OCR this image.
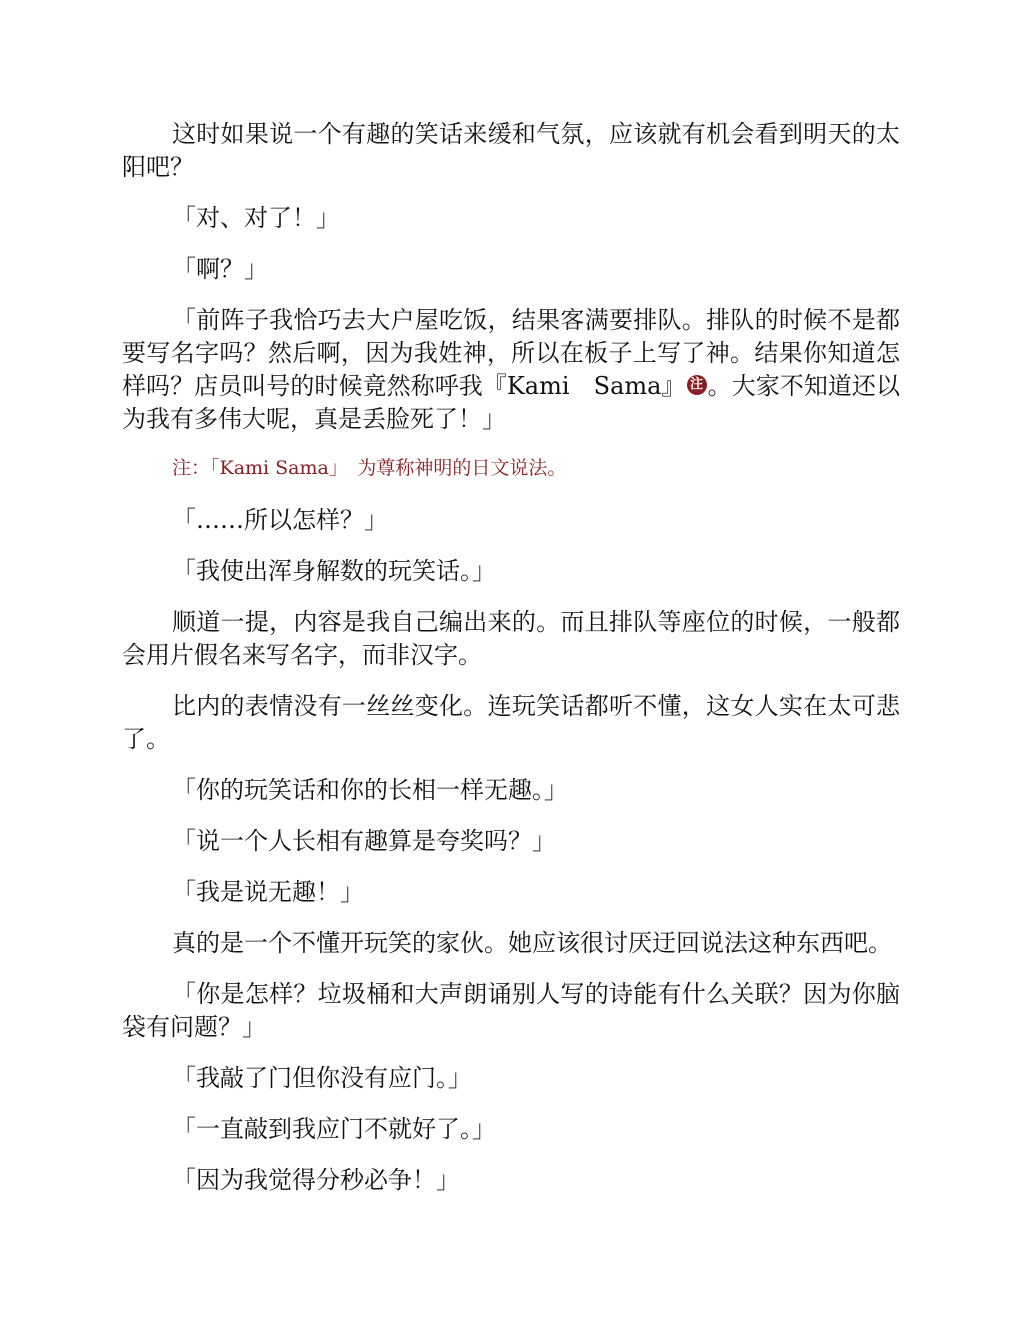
这时如果说一个有趣的笑话来缓和气氛，应该就有机会看到明天的太阳吧？

「对、对了！」

「啊？」

「前阵子我恰巧去大户屋吃饭，结果客满要排队。排队的时候不是都要写名字吗？然后啊，因为我姓神，所以在板子上写了神。结果你知道怎样吗？店员叫号的时候竟然称呼我『Kami　Sama』 注 。大家不知道还以为我有多伟大呢，真是丢脸死了！」

注：「Kami Sama」　为尊称神明的日文说法。

「……所以怎样？」

「我使出浑身解数的玩笑话。」

顺道一提，内容是我自己编出来的。而且排队等座位的时候，一般都会用片假名来写名字，而非汉字。

比内的表情没有一丝丝变化。连玩笑话都听不懂，这女人实在太可悲了。

「你的玩笑话和你的长相一样无趣。」

「说一个人长相有趣算是夸奖吗？」

「我是说无趣！」

真的是一个不懂开玩笑的家伙。她应该很讨厌迂回说法这种东西吧。

「你是怎样？垃圾桶和大声朗诵别人写的诗能有什么关联？因为你脑袋有问题？」

「我敲了门但你没有应门。」

「一直敲到我应门不就好了。」

「因为我觉得分秒必争！」
